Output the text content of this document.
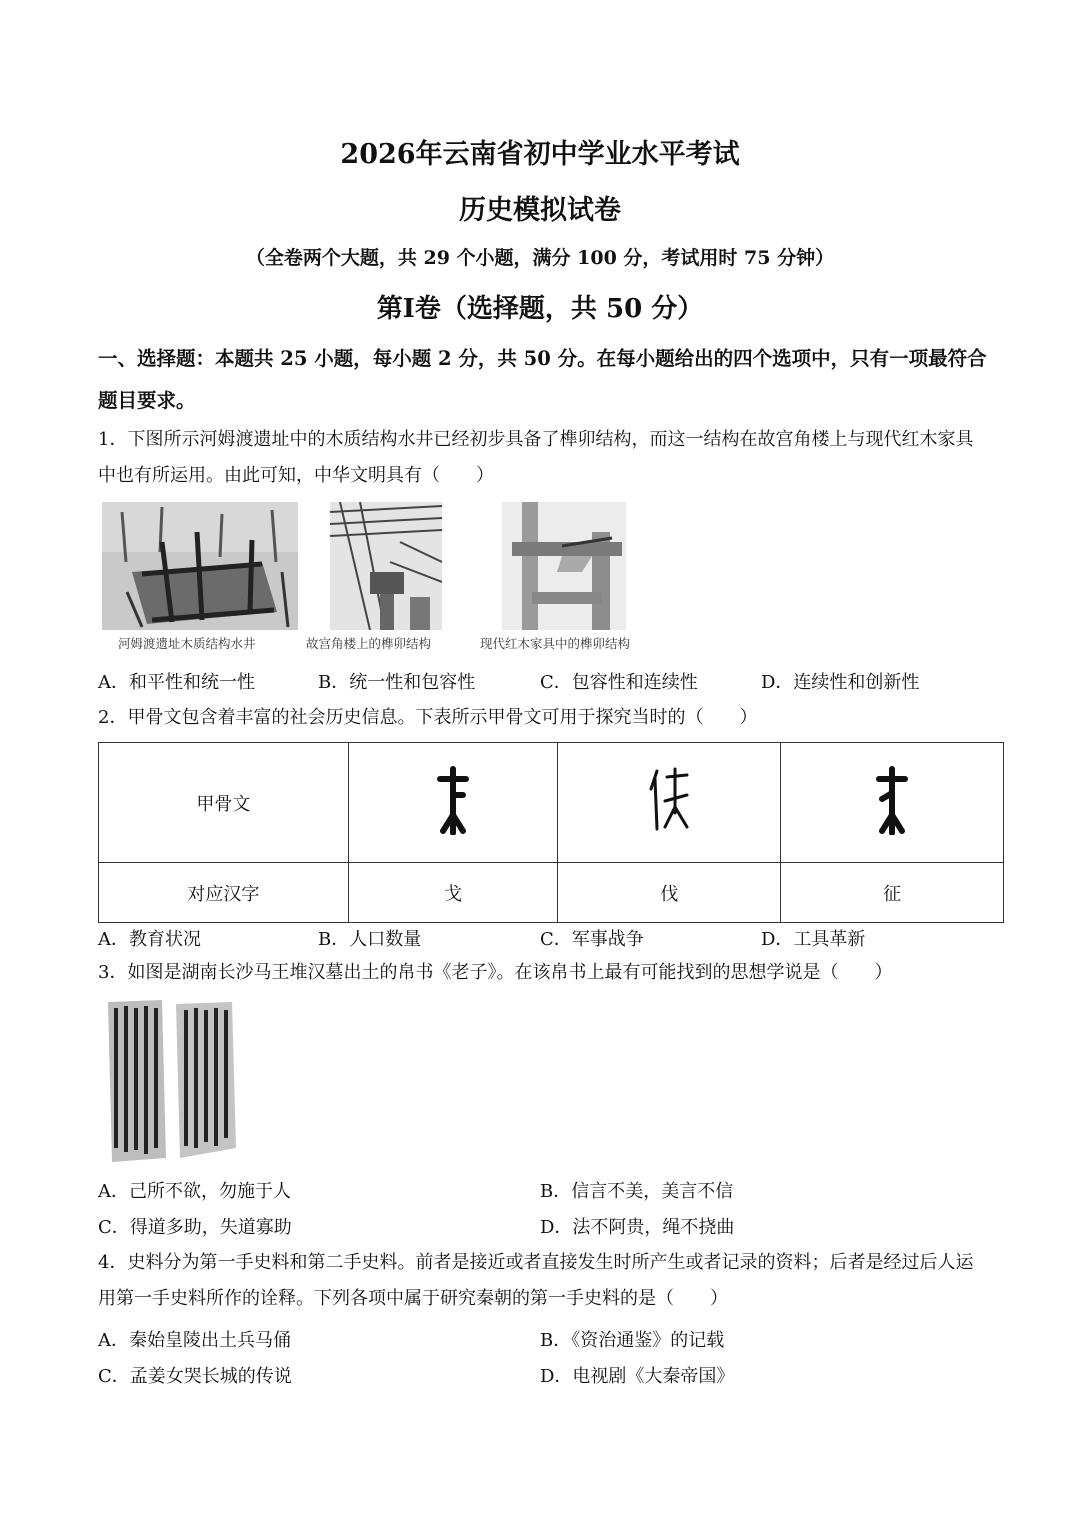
2026年云南省初中学业水平考试
历史模拟试卷
（全卷两个大题，共 29 个小题，满分 100 分，考试用时 75 分钟）
第I卷（选择题，共 50 分）
一、选择题：本题共 25 小题，每小题 2 分，共 50 分。在每小题给出的四个选项中，只有一项最符合题目要求。
1．下图所示河姆渡遗址中的木质结构水井已经初步具备了榫卯结构，而这一结构在故宫角楼上与现代红木家具中也有所运用。由此可知，中华文明具有（　　）
河姆渡遗址木质结构水井	故宫角楼上的榫卯结构	现代红木家具中的榫卯结构
A．和平性和统一性	B．统一性和包容性	C．包容性和连续性	D．连续性和创新性
2．甲骨文包含着丰富的社会历史信息。下表所示甲骨文可用于探究当时的（　　）
甲骨文			
对应汉字	戈	伐	征
A．教育状况	B．人口数量	C．军事战争	D．工具革新
3．如图是湖南长沙马王堆汉墓出土的帛书《老子》。在该帛书上最有可能找到的思想学说是（　　）
A．己所不欲，勿施于人	B．信言不美，美言不信
C．得道多助，失道寡助	D．法不阿贵，绳不挠曲
4．史料分为第一手史料和第二手史料。前者是接近或者直接发生时所产生或者记录的资料；后者是经过后人运用第一手史料所作的诠释。下列各项中属于研究秦朝的第一手史料的是（　　）
A．秦始皇陵出土兵马俑	B．《资治通鉴》的记载
C．孟姜女哭长城的传说	D．电视剧《大秦帝国》
